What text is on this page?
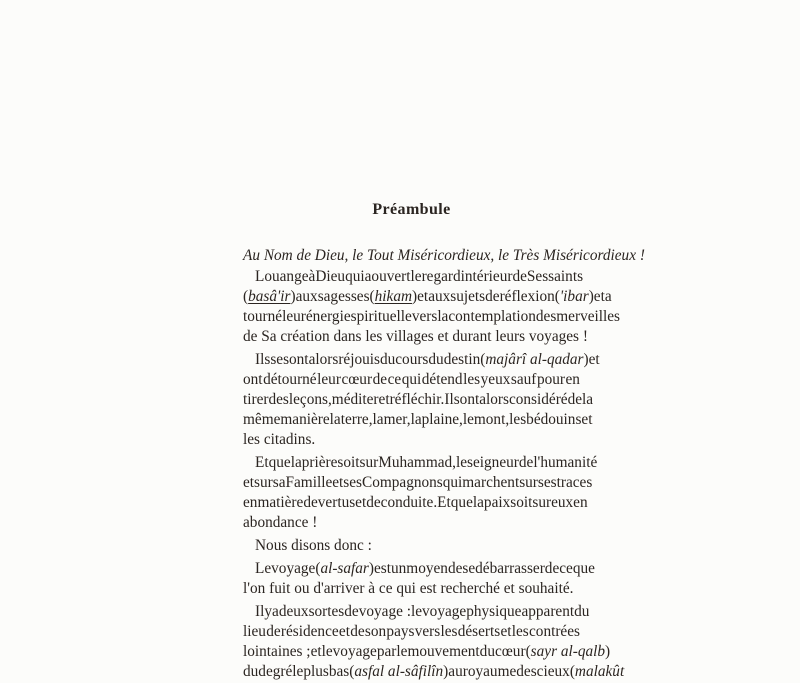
Préambule
Au Nom de Dieu, le Tout Miséricordieux, le Très Miséricordieux !
Louange à Dieu qui a ouvert le regard intérieur de Ses saints
(basâ'ir) aux sagesses (hikam) et aux sujets de réflexion ('ibar) et a
tourné leur énergie spirituelle vers la contemplation des merveilles
de Sa création dans les villages et durant leurs voyages !
Ils se sont alors réjouis du cours du destin (majârî al-qadar) et
ont détourné leur cœur de ce qui détend les yeux sauf pour en
tirer des leçons, méditer et réfléchir. Ils ont alors considéré de la
même manière la terre, la mer, la plaine, le mont, les bédouins et
les citadins.
Et que la prière soit sur Muhammad, le seigneur de l'humanité
et sur sa Famille et ses Compagnons qui marchent sur ses traces
en matière de vertus et de conduite. Et que la paix soit sur eux en
abondance !
Nous disons donc :
Le voyage (al-safar) est un moyen de se débarrasser de ce que
l'on fuit ou d'arriver à ce qui est recherché et souhaité.
Il y a deux sortes de voyage : le voyage physique apparent du
lieu de résidence et de son pays vers les déserts et les contrées
lointaines ; et le voyage par le mouvement du cœur (sayr al-qalb)
du degré le plus bas (asfal al-sâfilîn) au royaume des cieux (malakût
